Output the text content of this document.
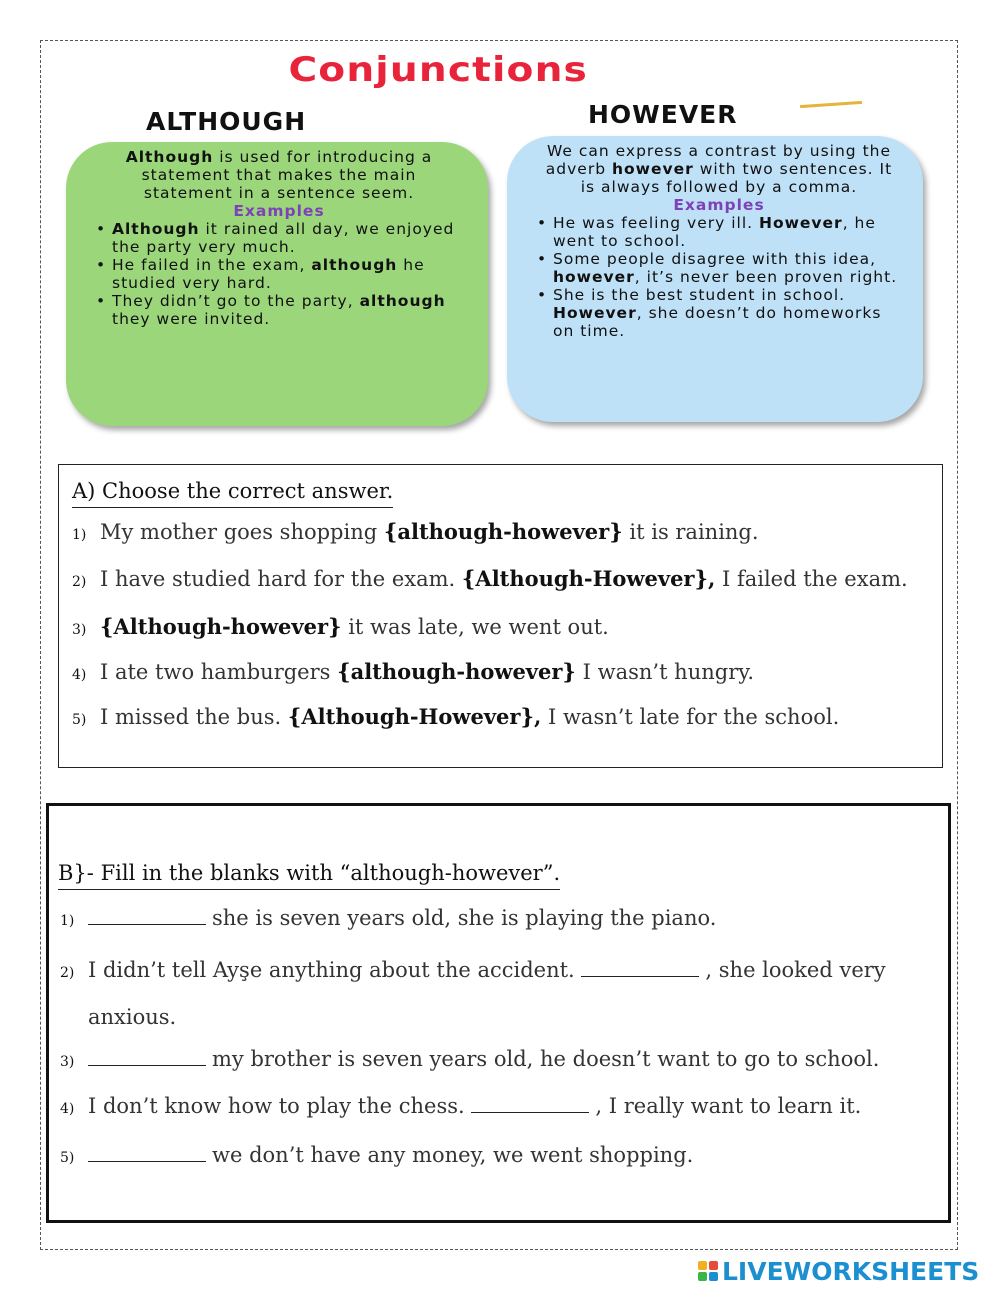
Conjunctions
ALTHOUGH	HOWEVER
Although is used for introducing a statement that makes the main statement in a sentence seem.
Examples
• Although it rained all day, we enjoyed the party very much.
• He failed in the exam, although he studied very hard.
• They didn’t go to the party, although they were invited.
We can express a contrast by using the adverb however with two sentences. It is always followed by a comma.
Examples
• He was feeling very ill. However, he went to school.
• Some people disagree with this idea, however, it’s never been proven right.
• She is the best student in school. However, she doesn’t do homeworks on time.
A) Choose the correct answer.
1) My mother goes shopping {although-however} it is raining.
2) I have studied hard for the exam. {Although-However}, I failed the exam.
3) {Although-however} it was late, we went out.
4) I ate two hamburgers {although-however} I wasn’t hungry.
5) I missed the bus. {Although-However}, I wasn’t late for the school.
B}- Fill in the blanks with “although-however”.
1)	she is seven years old, she is playing the piano.
2) I didn’t tell Ayşe anything about the accident.	, she looked very
anxious.
3)	my brother is seven years old, he doesn’t want to go to school.
4) I don’t know how to play the chess.	, I really want to learn it.
5)	we don’t have any money, we went shopping.
LIVEWORKSHEETS
